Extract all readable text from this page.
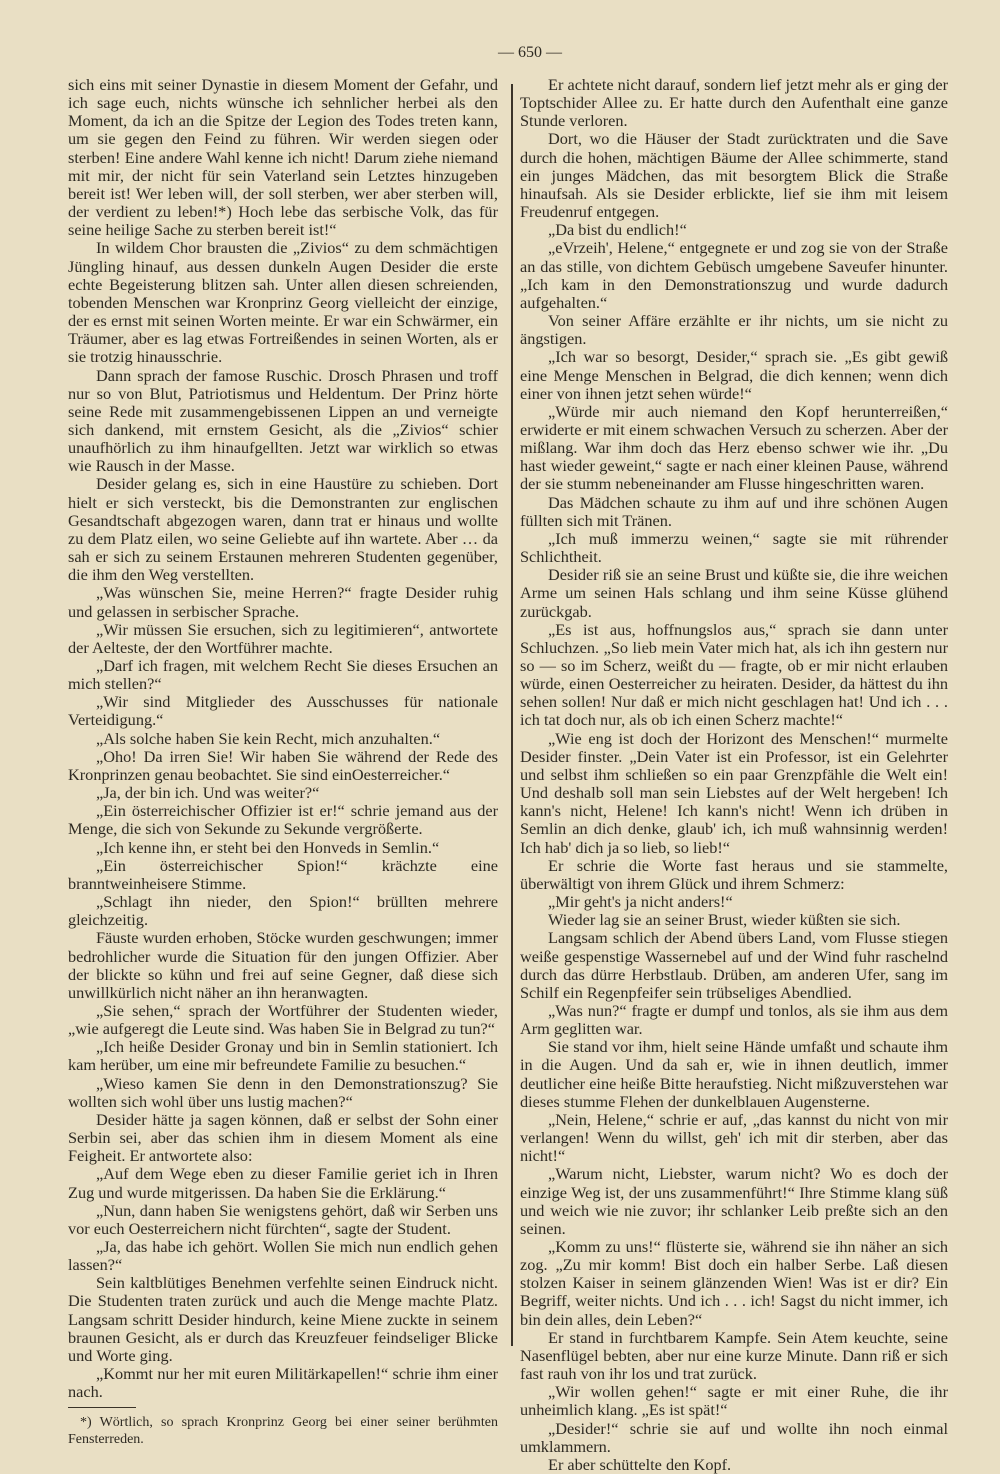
— 650 —

sich eins mit seiner Dynastie in diesem Moment der Gefahr, und ich sage euch, nichts wünsche ich sehnlicher herbei als den Moment, da ich an die Spitze der Legion des Todes treten kann, um sie gegen den Feind zu führen. Wir werden siegen oder sterben! Eine andere Wahl kenne ich nicht! Darum ziehe niemand mit mir, der nicht für sein Vaterland sein Letztes hinzugeben bereit ist! Wer leben will, der soll sterben, wer aber sterben will, der verdient zu leben!*) Hoch lebe das serbische Volk, das für seine heilige Sache zu sterben bereit ist!“

In wildem Chor brausten die „Zivios“ zu dem schmächtigen Jüngling hinauf, aus dessen dunkeln Augen Desider die erste echte Begeisterung blitzen sah. Unter allen diesen schreienden, tobenden Menschen war Kronprinz Georg vielleicht der einzige, der es ernst mit seinen Worten meinte. Er war ein Schwärmer, ein Träumer, aber es lag etwas Fortreißendes in seinen Worten, als er sie trotzig hinausschrie.

Dann sprach der famose Ruschic. Drosch Phrasen und troff nur so von Blut, Patriotismus und Heldentum. Der Prinz hörte seine Rede mit zusammengebissenen Lippen an und verneigte sich dankend, mit ernstem Gesicht, als die „Zivios“ schier unaufhörlich zu ihm hinaufgellten. Jetzt war wirklich so etwas wie Rausch in der Masse.

Desider gelang es, sich in eine Haustüre zu schieben. Dort hielt er sich versteckt, bis die Demonstranten zur englischen Gesandtschaft abgezogen waren, dann trat er hinaus und wollte zu dem Platz eilen, wo seine Geliebte auf ihn wartete. Aber … da sah er sich zu seinem Erstaunen mehreren Studenten gegenüber, die ihm den Weg verstellten.

„Was wünschen Sie, meine Herren?“ fragte Desider ruhig und gelassen in serbischer Sprache.

„Wir müssen Sie ersuchen, sich zu legitimieren“, antwortete der Aelteste, der den Wortführer machte.

„Darf ich fragen, mit welchem Recht Sie dieses Ersuchen an mich stellen?“

„Wir sind Mitglieder des Ausschusses für nationale Verteidigung.“

„Als solche haben Sie kein Recht, mich anzuhalten.“

„Oho! Da irren Sie! Wir haben Sie während der Rede des Kronprinzen genau beobachtet. Sie sind einOesterreicher.“

„Ja, der bin ich. Und was weiter?“

„Ein österreichischer Offizier ist er!“ schrie jemand aus der Menge, die sich von Sekunde zu Sekunde vergrößerte.

„Ich kenne ihn, er steht bei den Honveds in Semlin.“

„Ein österreichischer Spion!“ krächzte eine branntweinheisere Stimme.

„Schlagt ihn nieder, den Spion!“ brüllten mehrere gleichzeitig.

Fäuste wurden erhoben, Stöcke wurden geschwungen; immer bedrohlicher wurde die Situation für den jungen Offizier. Aber der blickte so kühn und frei auf seine Gegner, daß diese sich unwillkürlich nicht näher an ihn heranwagten.

„Sie sehen,“ sprach der Wortführer der Studenten wieder, „wie aufgeregt die Leute sind. Was haben Sie in Belgrad zu tun?“

„Ich heiße Desider Gronay und bin in Semlin stationiert. Ich kam herüber, um eine mir befreundete Familie zu besuchen.“

„Wieso kamen Sie denn in den Demonstrationszug? Sie wollten sich wohl über uns lustig machen?“

Desider hätte ja sagen können, daß er selbst der Sohn einer Serbin sei, aber das schien ihm in diesem Moment als eine Feigheit. Er antwortete also:

„Auf dem Wege eben zu dieser Familie geriet ich in Ihren Zug und wurde mitgerissen. Da haben Sie die Erklärung.“

„Nun, dann haben Sie wenigstens gehört, daß wir Serben uns vor euch Oesterreichern nicht fürchten“, sagte der Student.

„Ja, das habe ich gehört. Wollen Sie mich nun endlich gehen lassen?“

Sein kaltblütiges Benehmen verfehlte seinen Eindruck nicht. Die Studenten traten zurück und auch die Menge machte Platz. Langsam schritt Desider hindurch, keine Miene zuckte in seinem braunen Gesicht, als er durch das Kreuzfeuer feindseliger Blicke und Worte ging.

„Kommt nur her mit euren Militärkapellen!“ schrie ihm einer nach.

*) Wörtlich, so sprach Kronprinz Georg bei einer seiner berühmten Fensterreden.

Er achtete nicht darauf, sondern lief jetzt mehr als er ging der Toptschider Allee zu. Er hatte durch den Aufenthalt eine ganze Stunde verloren.

Dort, wo die Häuser der Stadt zurücktraten und die Save durch die hohen, mächtigen Bäume der Allee schimmerte, stand ein junges Mädchen, das mit besorgtem Blick die Straße hinaufsah. Als sie Desider erblickte, lief sie ihm mit leisem Freudenruf entgegen.

„Da bist du endlich!“

„eVrzeih', Helene,“ entgegnete er und zog sie von der Straße an das stille, von dichtem Gebüsch umgebene Saveufer hinunter. „Ich kam in den Demonstrationszug und wurde dadurch aufgehalten.“

Von seiner Affäre erzählte er ihr nichts, um sie nicht zu ängstigen.

„Ich war so besorgt, Desider,“ sprach sie. „Es gibt gewiß eine Menge Menschen in Belgrad, die dich kennen; wenn dich einer von ihnen jetzt sehen würde!“

„Würde mir auch niemand den Kopf herunterreißen,“ erwiderte er mit einem schwachen Versuch zu scherzen. Aber der mißlang. War ihm doch das Herz ebenso schwer wie ihr. „Du hast wieder geweint,“ sagte er nach einer kleinen Pause, während der sie stumm nebeneinander am Flusse hingeschritten waren.

Das Mädchen schaute zu ihm auf und ihre schönen Augen füllten sich mit Tränen.

„Ich muß immerzu weinen,“ sagte sie mit rührender Schlichtheit.

Desider riß sie an seine Brust und küßte sie, die ihre weichen Arme um seinen Hals schlang und ihm seine Küsse glühend zurückgab.

„Es ist aus, hoffnungslos aus,“ sprach sie dann unter Schluchzen. „So lieb mein Vater mich hat, als ich ihn gestern nur so — so im Scherz, weißt du — fragte, ob er mir nicht erlauben würde, einen Oesterreicher zu heiraten. Desider, da hättest du ihn sehen sollen! Nur daß er mich nicht geschlagen hat! Und ich . . . ich tat doch nur, als ob ich einen Scherz machte!“

„Wie eng ist doch der Horizont des Menschen!“ murmelte Desider finster. „Dein Vater ist ein Professor, ist ein Gelehrter und selbst ihm schließen so ein paar Grenzpfähle die Welt ein! Und deshalb soll man sein Liebstes auf der Welt hergeben! Ich kann's nicht, Helene! Ich kann's nicht! Wenn ich drüben in Semlin an dich denke, glaub' ich, ich muß wahnsinnig werden! Ich hab' dich ja so lieb, so lieb!“

Er schrie die Worte fast heraus und sie stammelte, überwältigt von ihrem Glück und ihrem Schmerz:

„Mir geht's ja nicht anders!“

Wieder lag sie an seiner Brust, wieder küßten sie sich.

Langsam schlich der Abend übers Land, vom Flusse stiegen weiße gespenstige Wassernebel auf und der Wind fuhr raschelnd durch das dürre Herbstlaub. Drüben, am anderen Ufer, sang im Schilf ein Regenpfeifer sein trübseliges Abendlied.

„Was nun?“ fragte er dumpf und tonlos, als sie ihm aus dem Arm geglitten war.

Sie stand vor ihm, hielt seine Hände umfaßt und schaute ihm in die Augen. Und da sah er, wie in ihnen deutlich, immer deutlicher eine heiße Bitte heraufstieg. Nicht mißzuverstehen war dieses stumme Flehen der dunkelblauen Augensterne.

„Nein, Helene,“ schrie er auf, „das kannst du nicht von mir verlangen! Wenn du willst, geh' ich mit dir sterben, aber das nicht!“

„Warum nicht, Liebster, warum nicht? Wo es doch der einzige Weg ist, der uns zusammenführt!“ Ihre Stimme klang süß und weich wie nie zuvor; ihr schlanker Leib preßte sich an den seinen.

„Komm zu uns!“ flüsterte sie, während sie ihn näher an sich zog. „Zu mir komm! Bist doch ein halber Serbe. Laß diesen stolzen Kaiser in seinem glänzenden Wien! Was ist er dir? Ein Begriff, weiter nichts. Und ich . . . ich! Sagst du nicht immer, ich bin dein alles, dein Leben?“

Er stand in furchtbarem Kampfe. Sein Atem keuchte, seine Nasenflügel bebten, aber nur eine kurze Minute. Dann riß er sich fast rauh von ihr los und trat zurück.

„Wir wollen gehen!“ sagte er mit einer Ruhe, die ihr unheimlich klang. „Es ist spät!“

„Desider!“ schrie sie auf und wollte ihn noch einmal umklammern.

Er aber schüttelte den Kopf.
